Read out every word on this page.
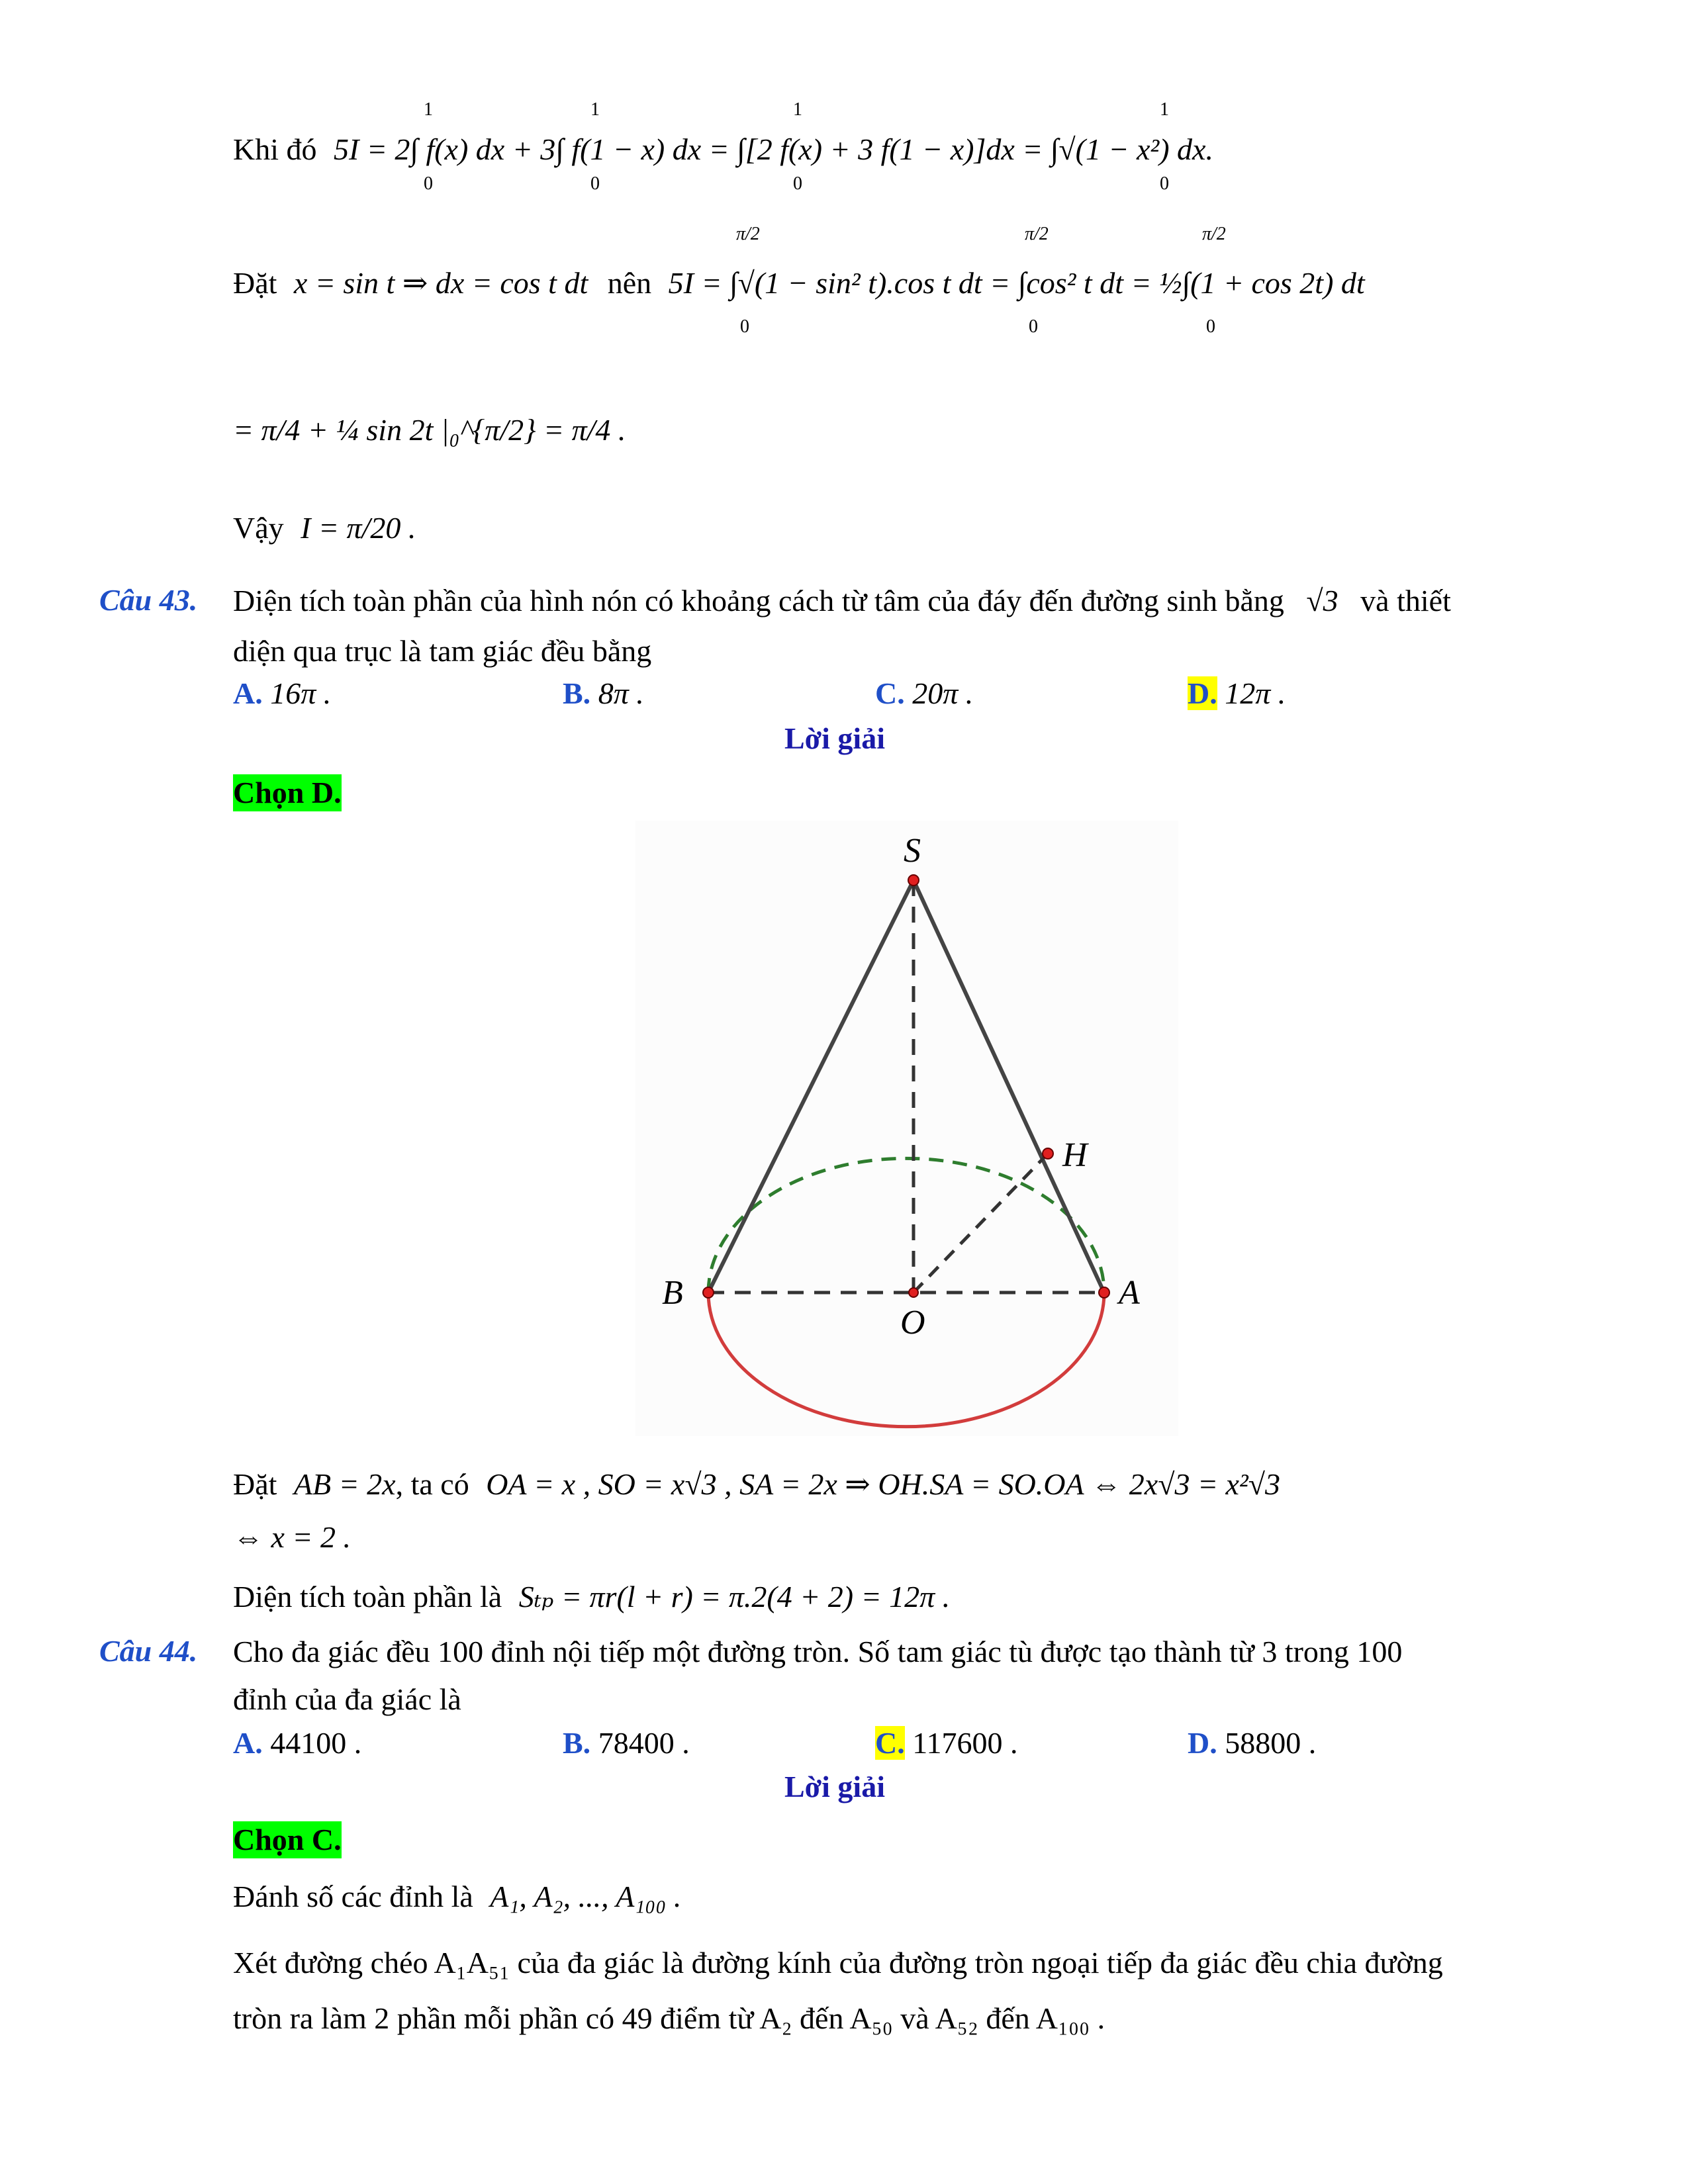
Khi đó 5I = 2∫ f(x) dx + 3∫ f(1 − x) dx = ∫[2 f(x) + 3 f(1 − x)]dx = ∫√(1 − x²) dx.
1
0
1
0
1
0
1
0
Đặt x = sin t ⇒ dx = cos t dt nên 5I = ∫√(1 − sin² t).cos t dt = ∫cos² t dt = ½∫(1 + cos 2t) dt
π/2
0
π/2
0
π/2
0
= π/4 + ¼ sin 2t |₀^{π/2} = π/4 .
Vậy I = π/20 .
Câu 43. Diện tích toàn phần của hình nón có khoảng cách từ tâm của đáy đến đường sinh bằng √3 và thiết
diện qua trục là tam giác đều bằng
A. 16π .	B. 8π .	C. 20π .	D. 12π .
Lời giải
Chọn D.
S
H
B	A
O
Đặt AB = 2x, ta có OA = x , SO = x√3 , SA = 2x ⇒ OH.SA = SO.OA ⇔ 2x√3 = x²√3
⇔ x = 2 .
Diện tích toàn phần là Sₜₚ = πr(l + r) = π.2(4 + 2) = 12π .
Câu 44. Cho đa giác đều 100 đỉnh nội tiếp một đường tròn. Số tam giác tù được tạo thành từ 3 trong 100
đỉnh của đa giác là
A. 44100 .	B. 78400 .	C. 117600 .	D. 58800 .
Lời giải
Chọn C.
Đánh số các đỉnh là A₁, A₂, ..., A₁₀₀ .
Xét đường chéo A₁A₅₁ của đa giác là đường kính của đường tròn ngoại tiếp đa giác đều chia đường
tròn ra làm 2 phần mỗi phần có 49 điểm từ A₂ đến A₅₀ và A₅₂ đến A₁₀₀ .
